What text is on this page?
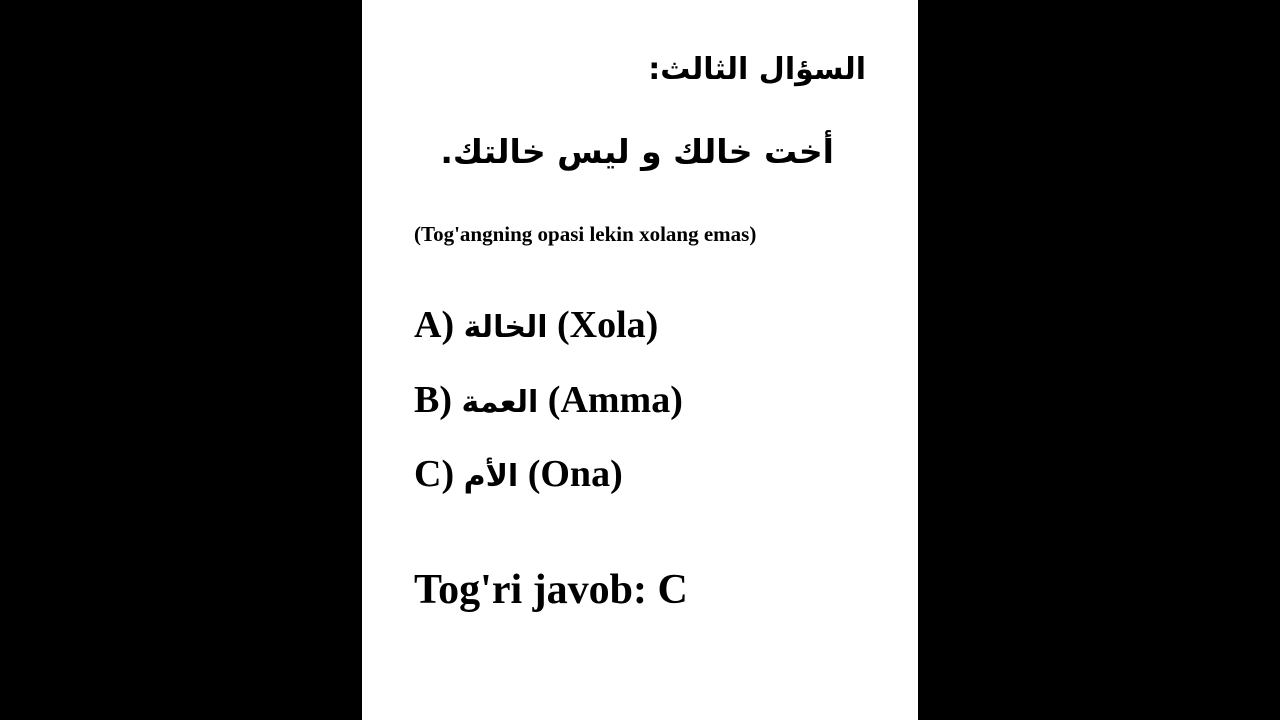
السؤال الثالث:
أخت خالك و ليس خالتك.
(Tog'angning opasi lekin xolang emas)
A) الخالة (Xola)
B) العمة (Amma)
C) الأم (Ona)
Tog'ri javob: C
